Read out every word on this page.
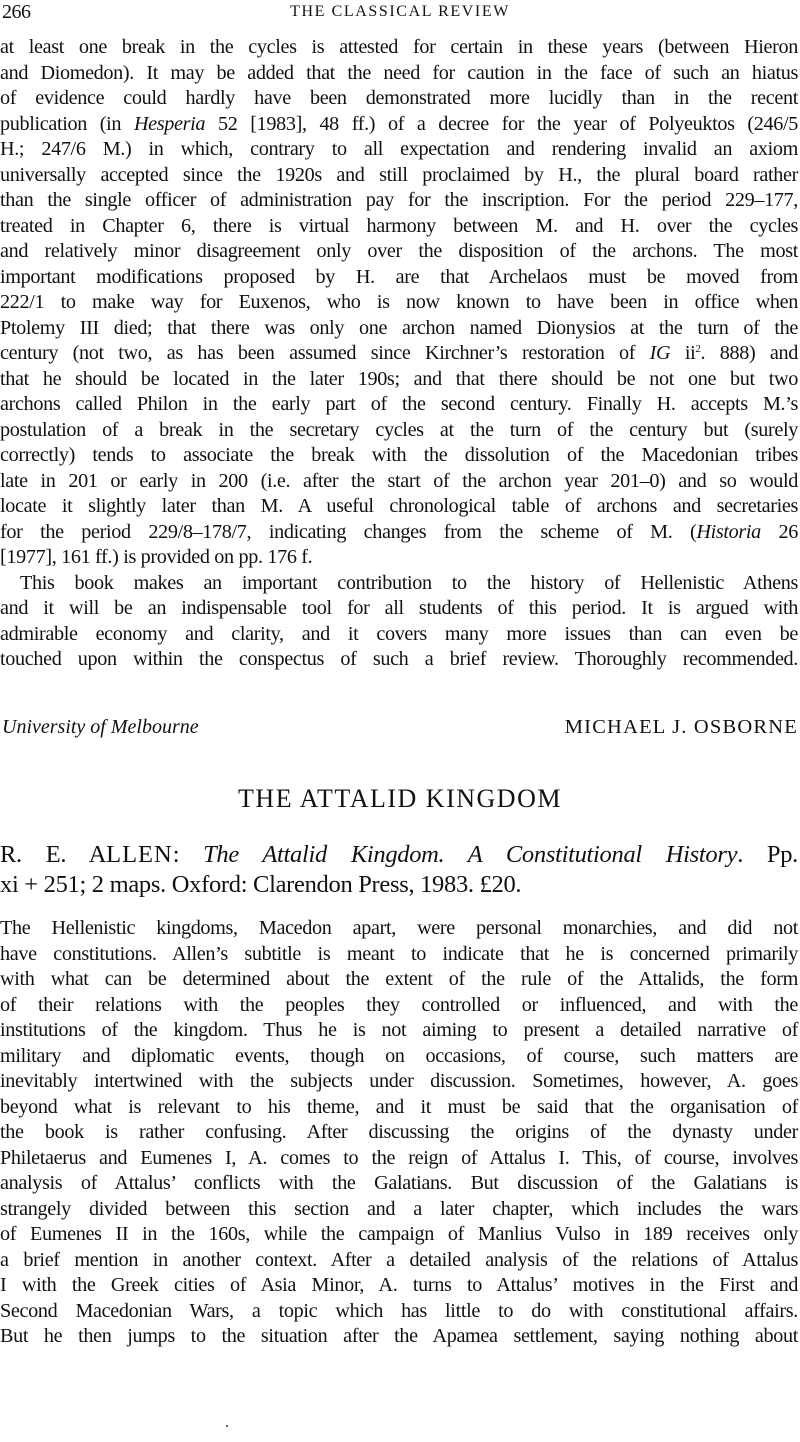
266	THE CLASSICAL REVIEW
at least one break in the cycles is attested for certain in these years (between Hieron
and Diomedon). It may be added that the need for caution in the face of such an hiatus
of evidence could hardly have been demonstrated more lucidly than in the recent
publication (in Hesperia 52 [1983], 48 ff.) of a decree for the year of Polyeuktos (246/5
H.; 247/6 M.) in which, contrary to all expectation and rendering invalid an axiom
universally accepted since the 1920s and still proclaimed by H., the plural board rather
than the single officer of administration pay for the inscription. For the period 229–177,
treated in Chapter 6, there is virtual harmony between M. and H. over the cycles
and relatively minor disagreement only over the disposition of the archons. The most
important modifications proposed by H. are that Archelaos must be moved from
222/1 to make way for Euxenos, who is now known to have been in office when
Ptolemy III died; that there was only one archon named Dionysios at the turn of the
century (not two, as has been assumed since Kirchner’s restoration of IG $ii^2$. 888) and
that he should be located in the later 190s; and that there should be not one but two
archons called Philon in the early part of the second century. Finally H. accepts M.’s
postulation of a break in the secretary cycles at the turn of the century but (surely
correctly) tends to associate the break with the dissolution of the Macedonian tribes
late in 201 or early in 200 (i.e. after the start of the archon year 201–0) and so would
locate it slightly later than M. A useful chronological table of archons and secretaries
for the period 229/8–178/7, indicating changes from the scheme of M. (Historia 26
[1977], 161 ff.) is provided on pp. 176 f.
This book makes an important contribution to the history of Hellenistic Athens
and it will be an indispensable tool for all students of this period. It is argued with
admirable economy and clarity, and it covers many more issues than can even be
touched upon within the conspectus of such a brief review. Thoroughly recommended.
University of Melbourne	MICHAEL J. OSBORNE
THE ATTALID KINGDOM
R. E. ALLEN: The Attalid Kingdom. A Constitutional History. Pp.
xi + 251; 2 maps. Oxford: Clarendon Press, 1983. £20.
The Hellenistic kingdoms, Macedon apart, were personal monarchies, and did not
have constitutions. Allen’s subtitle is meant to indicate that he is concerned primarily
with what can be determined about the extent of the rule of the Attalids, the form
of their relations with the peoples they controlled or influenced, and with the
institutions of the kingdom. Thus he is not aiming to present a detailed narrative of
military and diplomatic events, though on occasions, of course, such matters are
inevitably intertwined with the subjects under discussion. Sometimes, however, A. goes
beyond what is relevant to his theme, and it must be said that the organisation of
the book is rather confusing. After discussing the origins of the dynasty under
Philetaerus and Eumenes I, A. comes to the reign of Attalus I. This, of course, involves
analysis of Attalus’ conflicts with the Galatians. But discussion of the Galatians is
strangely divided between this section and a later chapter, which includes the wars
of Eumenes II in the 160s, while the campaign of Manlius Vulso in 189 receives only
a brief mention in another context. After a detailed analysis of the relations of Attalus
I with the Greek cities of Asia Minor, A. turns to Attalus’ motives in the First and
Second Macedonian Wars, a topic which has little to do with constitutional affairs.
But he then jumps to the situation after the Apamea settlement, saying nothing about
